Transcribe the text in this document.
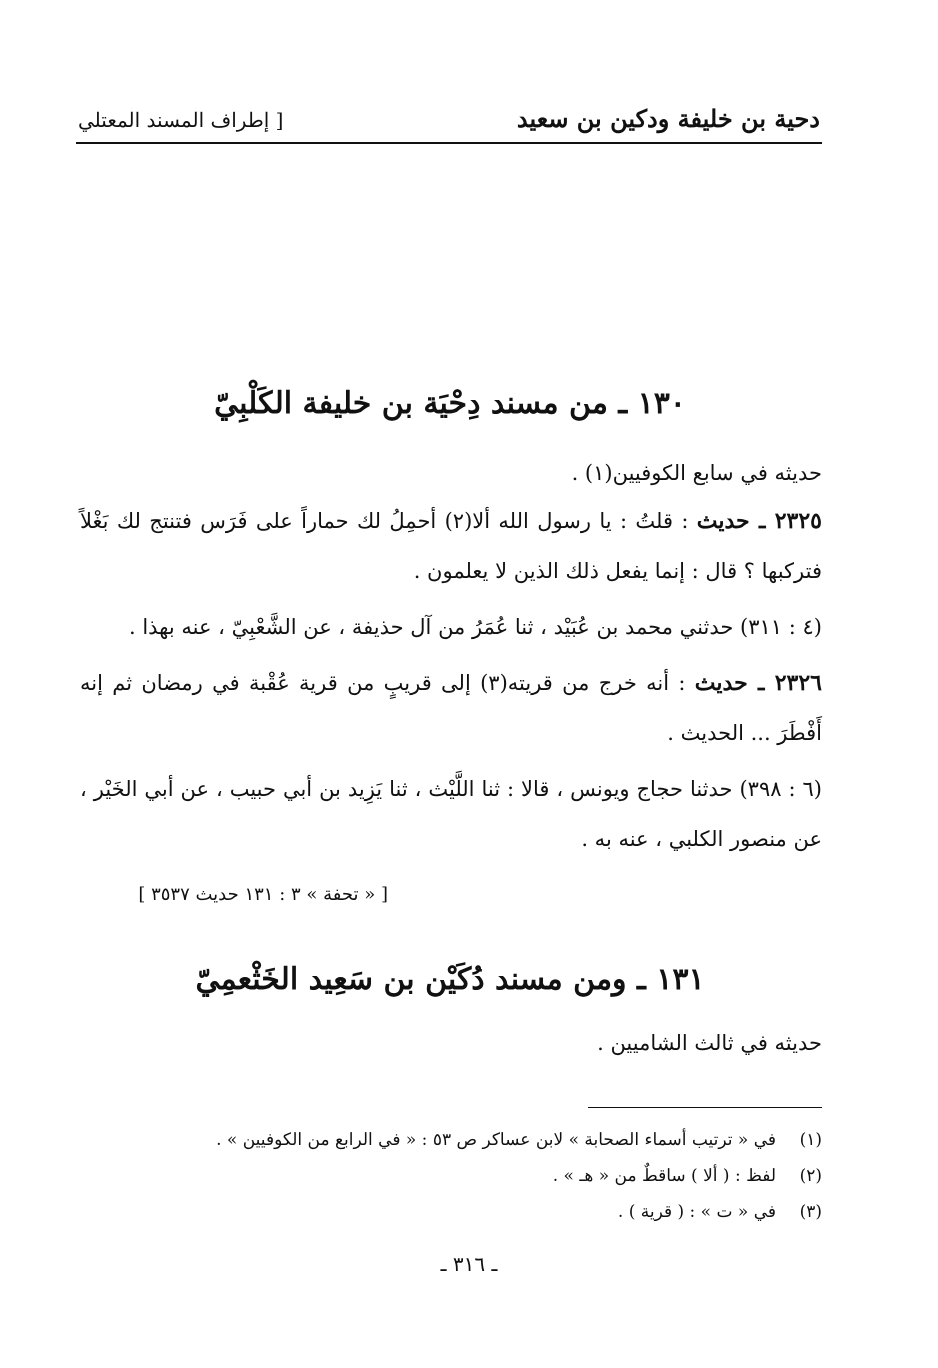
دحية بن خليفة ودكين بن سعيد
[ إطراف المسند المعتلي
١٣٠ ـ من مسند دِحْيَة بن خليفة الكَلْبِيّ
حديثه في سابع الكوفيين(١) .
٢٣٢٥ ـ حديث : قلتُ : يا رسول الله ألا(٢) أحمِلُ لك حماراً على فَرَس فتنتج لك بَغْلاً فتركبها ؟ قال : إنما يفعل ذلك الذين لا يعلمون .
(٤ : ٣١١) حدثني محمد بن عُبَيْد ، ثنا عُمَرُ من آل حذيفة ، عن الشَّعْبِيّ ، عنه بهذا .
٢٣٢٦ ـ حديث : أنه خرج من قريته(٣) إلى قريبٍ من قرية عُقْبة في رمضان ثم إنه أَفْطَرَ ... الحديث .
(٦ : ٣٩٨) حدثنا حجاج ويونس ، قالا : ثنا اللَّيْث ، ثنا يَزِيد بن أبي حبيب ، عن أبي الخَيْر ، عن منصور الكلبي ، عنه به .
[ « تحفة » ٣ : ١٣١ حديث ٣٥٣٧ ]
١٣١ ـ ومن مسند دُكَيْن بن سَعِيد الخَثْعمِيّ
حديثه في ثالث الشاميين .
(١)
في « ترتيب أسماء الصحابة » لابن عساكر ص ٥٣ : « في الرابع من الكوفيين » .
(٢)
لفظ : ( ألا ) ساقطٌ من « هـ » .
(٣)
في « ت » : ( قرية ) .
ـ ٣١٦ ـ
